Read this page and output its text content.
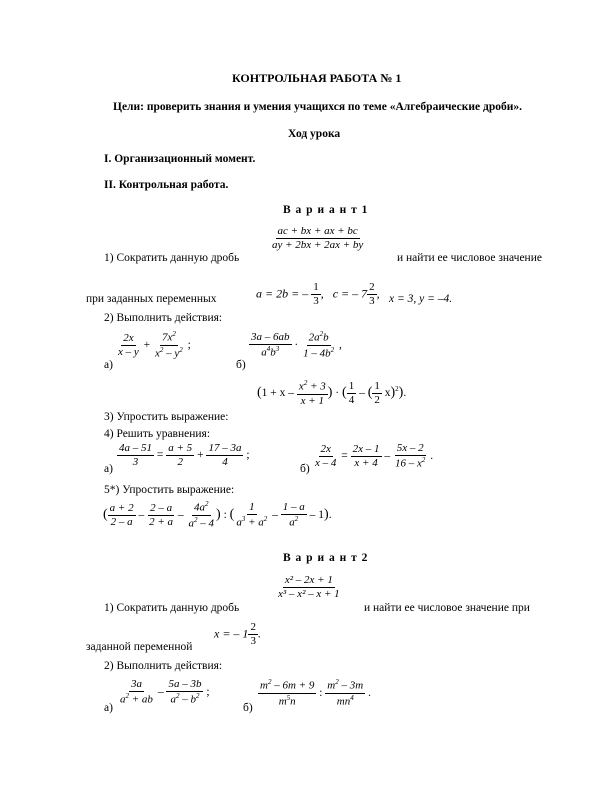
КОНТРОЛЬНАЯ РАБОТА № 1
Цели: проверить знания и умения учащихся по теме «Алгебраические дроби».
Ход урока
I. Организационный момент.
II. Контрольная работа.
В а р и а н т 1
1) Сократить данную дробь
$\frac{ac + bx + ax + bc}{ay + 2bx + 2ax + by}$
и найти ее числовое значение
a = 2b = – $\frac{1}{3}$ ,   c = – $7 \frac{2}{3}$ ,
при заданных переменных	x = 3, y = –4.
2) Выполнить действия:
а)
$\frac{2x}{x - y} + \frac{7x^2}{x^2 - y^2}$ ;
б)
$\frac{3a - 6ab}{a^4b^3} \cdot \frac{2a^2b}{1 - 4b^2}$ ,
($1 + x - \frac{x^2 + 3}{x + 1}$ ) · ( $\frac{1}{4}$ – ( $\frac{1}{2} x)^2$).
3) Упростить выражение:
4) Решить уравнения:
а)
$\frac{4a - 51}{3} = \frac{a + 5}{2} + \frac{17 - 3a}{4}$ ;
б)
$\frac{2x}{x - 4} = \frac{2x - 1}{x + 4} - \frac{5x - 2}{16 - x^2}$ .
5*) Упростить выражение:
( $\frac{a + 2}{2 - a} - \frac{2 - a}{2 + a} - \frac{4a^2}{a^2 - 4}$ ) : ( $\frac{1}{a^3 + a^2} - \frac{1 - a}{a^2} - 1$).
В а р и а н т 2
$\frac{\text{x² – 2x + 1}}{\text{x³ – x² – x + 1}}$
1) Сократить данную дробь	и найти ее числовое значение при
x = – $1 \frac{2}{3}$ .
заданной переменной
2) Выполнить действия:
а)
$\frac{3a}{a^2 + ab} - \frac{5a - 3b}{a^2 - b^2}$ ;
б)
$\frac{m^2 - 6m + 9}{m^5n}$ : $\frac{m^2 - 3m}{mn^4}$ .
